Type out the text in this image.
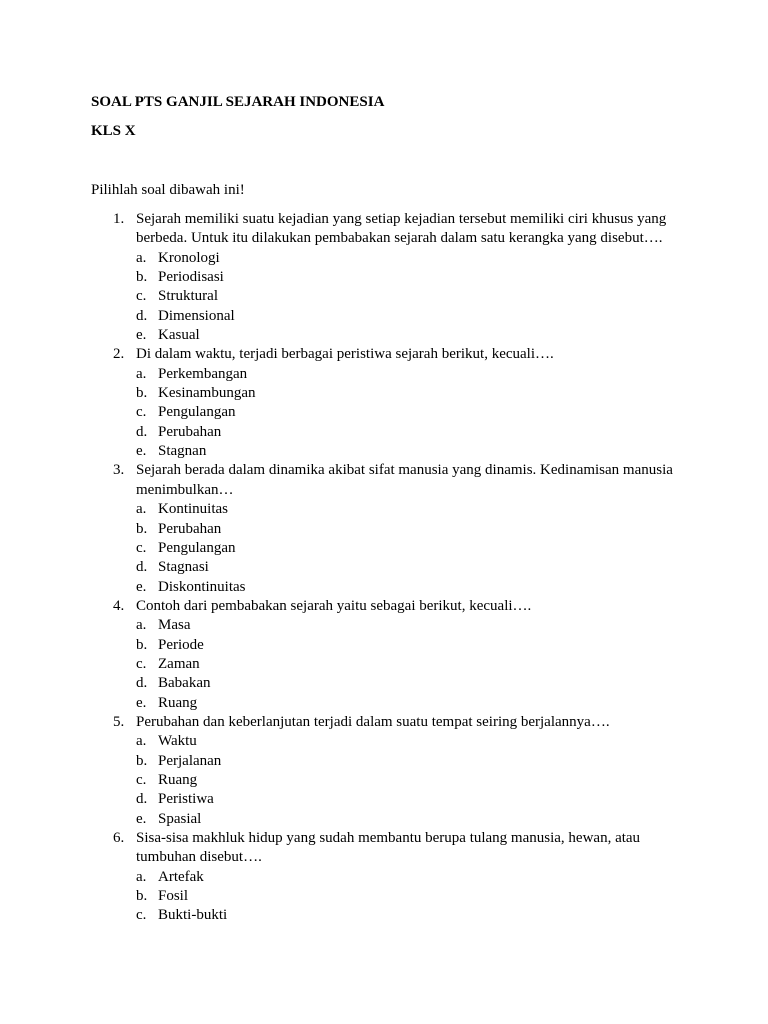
SOAL PTS GANJIL SEJARAH INDONESIA
KLS X
Pilihlah soal dibawah ini!
1. Sejarah memiliki suatu kejadian yang setiap kejadian tersebut memiliki ciri khusus yang berbeda. Untuk itu dilakukan pembabakan sejarah dalam satu kerangka yang disebut….
a. Kronologi
b. Periodisasi
c. Struktural
d. Dimensional
e. Kasual
2. Di dalam waktu, terjadi berbagai peristiwa sejarah berikut, kecuali….
a. Perkembangan
b. Kesinambungan
c. Pengulangan
d. Perubahan
e. Stagnan
3. Sejarah berada dalam dinamika akibat sifat manusia yang dinamis. Kedinamisan manusia menimbulkan…
a. Kontinuitas
b. Perubahan
c. Pengulangan
d. Stagnasi
e. Diskontinuitas
4. Contoh dari pembabakan sejarah yaitu sebagai berikut, kecuali….
a. Masa
b. Periode
c. Zaman
d. Babakan
e. Ruang
5. Perubahan dan keberlanjutan terjadi dalam suatu tempat seiring berjalannya….
a. Waktu
b. Perjalanan
c. Ruang
d. Peristiwa
e. Spasial
6. Sisa-sisa makhluk hidup yang sudah membantu berupa tulang manusia, hewan, atau tumbuhan disebut….
a. Artefak
b. Fosil
c. Bukti-bukti
